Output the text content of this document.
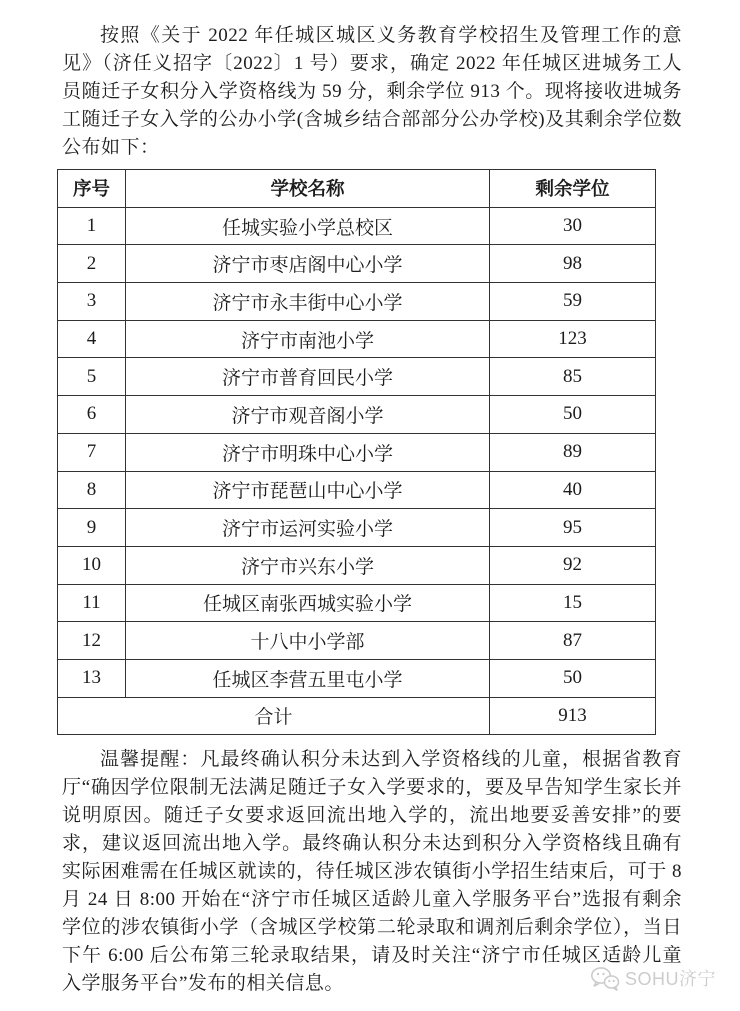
按照《关于 2022 年任城区城区义务教育学校招生及管理工作的意见》（济任义招字〔2022〕1 号）要求，确定 2022 年任城区进城务工人员随迁子女积分入学资格线为 59 分，剩余学位 913 个。现将接收进城务工随迁子女入学的公办小学(含城乡结合部部分公办学校)及其剩余学位数公布如下：

序号	学校名称	剩余学位
1	任城实验小学总校区	30
2	济宁市枣店阁中心小学	98
3	济宁市永丰街中心小学	59
4	济宁市南池小学	123
5	济宁市普育回民小学	85
6	济宁市观音阁小学	50
7	济宁市明珠中心小学	89
8	济宁市琵琶山中心小学	40
9	济宁市运河实验小学	95
10	济宁市兴东小学	92
11	任城区南张西城实验小学	15
12	十八中小学部	87
13	任城区李营五里屯小学	50
合计		913

温馨提醒：凡最终确认积分未达到入学资格线的儿童，根据省教育厅“确因学位限制无法满足随迁子女入学要求的，要及早告知学生家长并说明原因。随迁子女要求返回流出地入学的，流出地要妥善安排”的要求，建议返回流出地入学。最终确认积分未达到积分入学资格线且确有实际困难需在任城区就读的，待任城区涉农镇街小学招生结束后，可于 8 月 24 日 8:00 开始在“济宁市任城区适龄儿童入学服务平台”选报有剩余学位的涉农镇街小学（含城区学校第二轮录取和调剂后剩余学位），当日下午 6:00 后公布第三轮录取结果，请及时关注“济宁市任城区适龄儿童入学服务平台”发布的相关信息。	SOHU济宁
